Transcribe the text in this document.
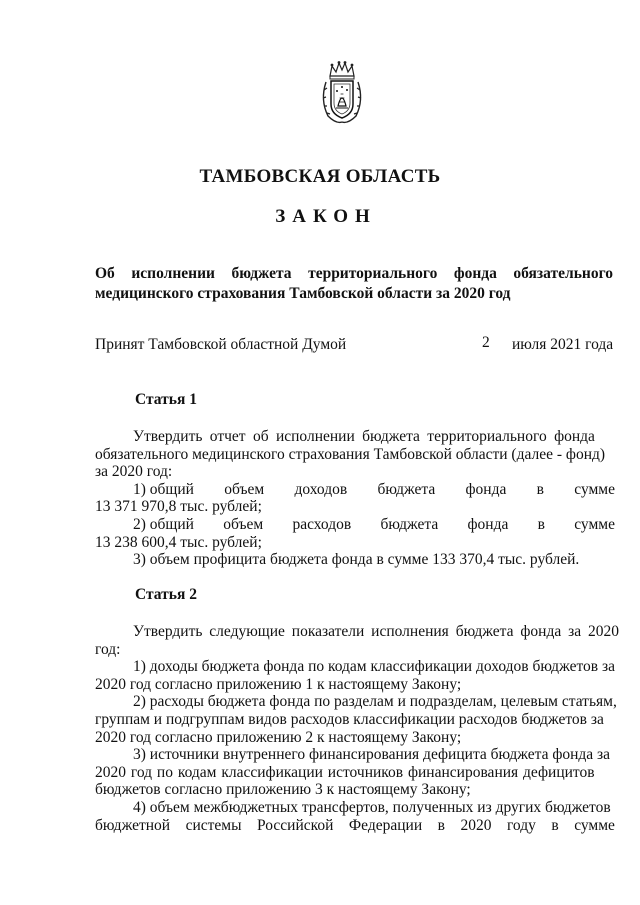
ТАМБОВСКАЯ ОБЛАСТЬ
ЗАКОН
Об исполнении бюджета территориального фонда обязательного
медицинского страхования Тамбовской области за 2020 год
Принят Тамбовской областной Думой	2 июля 2021 года
Статья 1
Утвердить отчет об исполнении бюджета территориального фонда
обязательного медицинского страхования Тамбовской области (далее - фонд)
за 2020 год:
1) общий объем доходов бюджета фонда в сумме
13 371 970,8 тыс. рублей;
2) общий объем расходов бюджета фонда в сумме
13 238 600,4 тыс. рублей;
3) объем профицита бюджета фонда в сумме 133 370,4 тыс. рублей.
Статья 2
Утвердить следующие показатели исполнения бюджета фонда за 2020
год:
1) доходы бюджета фонда по кодам классификации доходов бюджетов за
2020 год согласно приложению 1 к настоящему Закону;
2) расходы бюджета фонда по разделам и подразделам, целевым статьям,
группам и подгруппам видов расходов классификации расходов бюджетов за
2020 год согласно приложению 2 к настоящему Закону;
3) источники внутреннего финансирования дефицита бюджета фонда за
2020 год по кодам классификации источников финансирования дефицитов
бюджетов согласно приложению 3 к настоящему Закону;
4) объем межбюджетных трансфертов, полученных из других бюджетов
бюджетной системы Российской Федерации в 2020 году в сумме
